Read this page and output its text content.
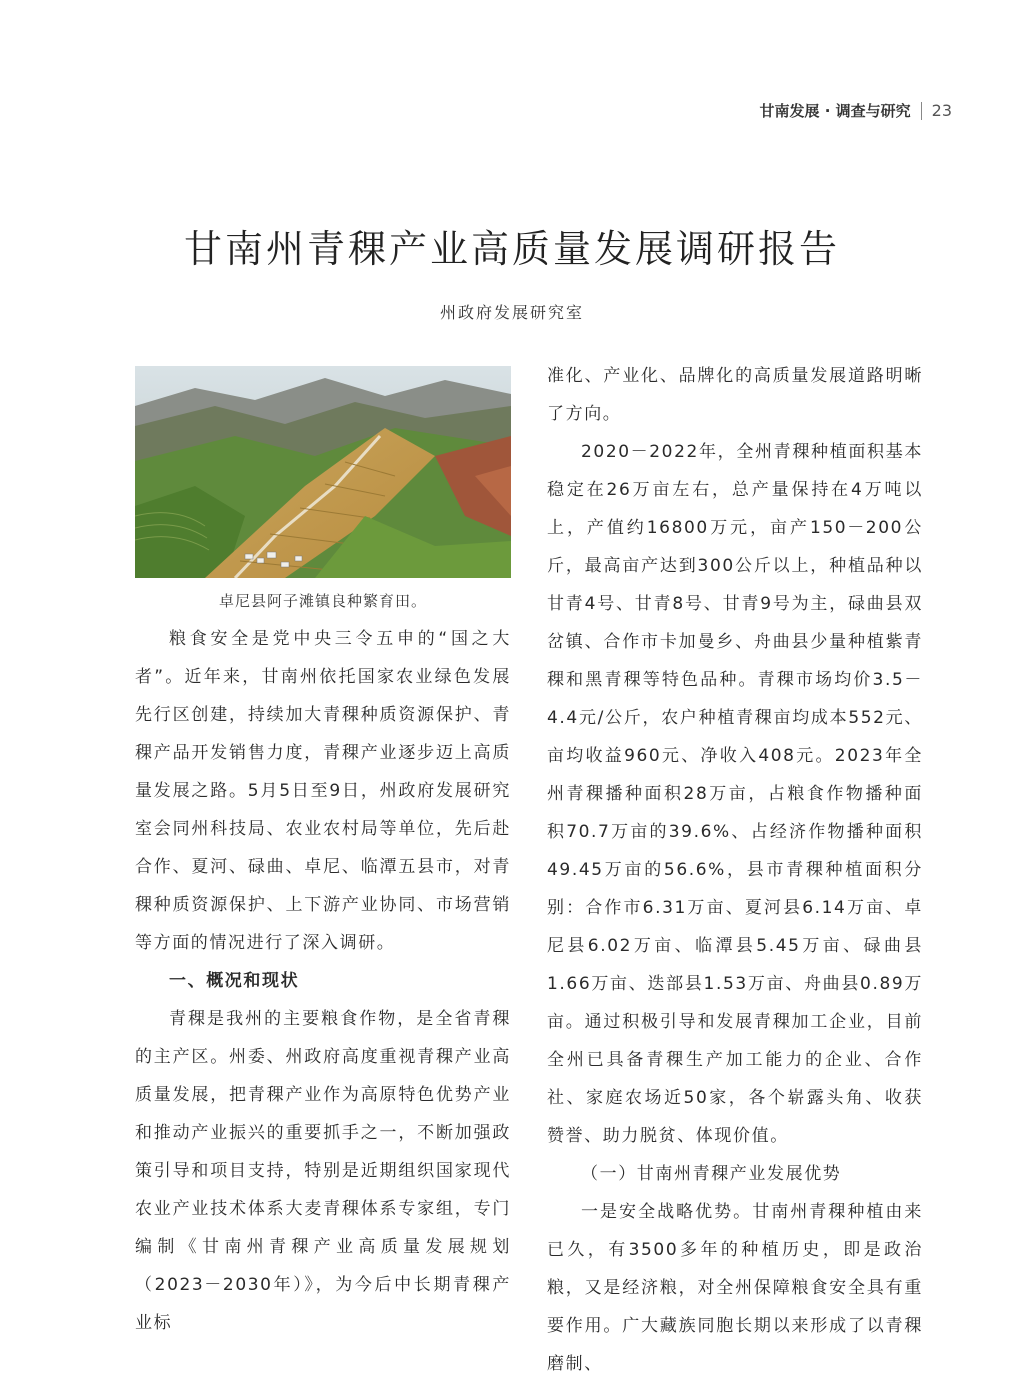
甘南发展 · 调查与研究 23
甘南州青稞产业高质量发展调研报告
州政府发展研究室
卓尼县阿子滩镇良种繁育田。

粮食安全是党中央三令五申的“国之大者”。近年来，甘南州依托国家农业绿色发展先行区创建，持续加大青稞种质资源保护、青稞产品开发销售力度，青稞产业逐步迈上高质量发展之路。5月5日至9日，州政府发展研究室会同州科技局、农业农村局等单位，先后赴合作、夏河、碌曲、卓尼、临潭五县市，对青稞种质资源保护、上下游产业协同、市场营销等方面的情况进行了深入调研。

一、概况和现状

青稞是我州的主要粮食作物，是全省青稞的主产区。州委、州政府高度重视青稞产业高质量发展，把青稞产业作为高原特色优势产业和推动产业振兴的重要抓手之一，不断加强政策引导和项目支持，特别是近期组织国家现代农业产业技术体系大麦青稞体系专家组，专门编制《甘南州青稞产业高质量发展规划（2023－2030年）》，为今后中长期青稞产业标

准化、产业化、品牌化的高质量发展道路明晰了方向。

2020－2022年，全州青稞种植面积基本稳定在26万亩左右，总产量保持在4万吨以上，产值约16800万元，亩产150－200公斤，最高亩产达到300公斤以上，种植品种以甘青4号、甘青8号、甘青9号为主，碌曲县双岔镇、合作市卡加曼乡、舟曲县少量种植紫青稞和黑青稞等特色品种。青稞市场均价3.5－4.4元/公斤，农户种植青稞亩均成本552元、亩均收益960元、净收入408元。2023年全州青稞播种面积28万亩，占粮食作物播种面积70.7万亩的39.6%、占经济作物播种面积49.45万亩的56.6%，县市青稞种植面积分别：合作市6.31万亩、夏河县6.14万亩、卓尼县6.02万亩、临潭县5.45万亩、碌曲县1.66万亩、迭部县1.53万亩、舟曲县0.89万亩。通过积极引导和发展青稞加工企业，目前全州已具备青稞生产加工能力的企业、合作社、家庭农场近50家，各个崭露头角、收获赞誉、助力脱贫、体现价值。

（一）甘南州青稞产业发展优势

一是安全战略优势。甘南州青稞种植由来已久，有3500多年的种植历史，即是政治粮，又是经济粮，对全州保障粮食安全具有重要作用。广大藏族同胞长期以来形成了以青稞磨制、
